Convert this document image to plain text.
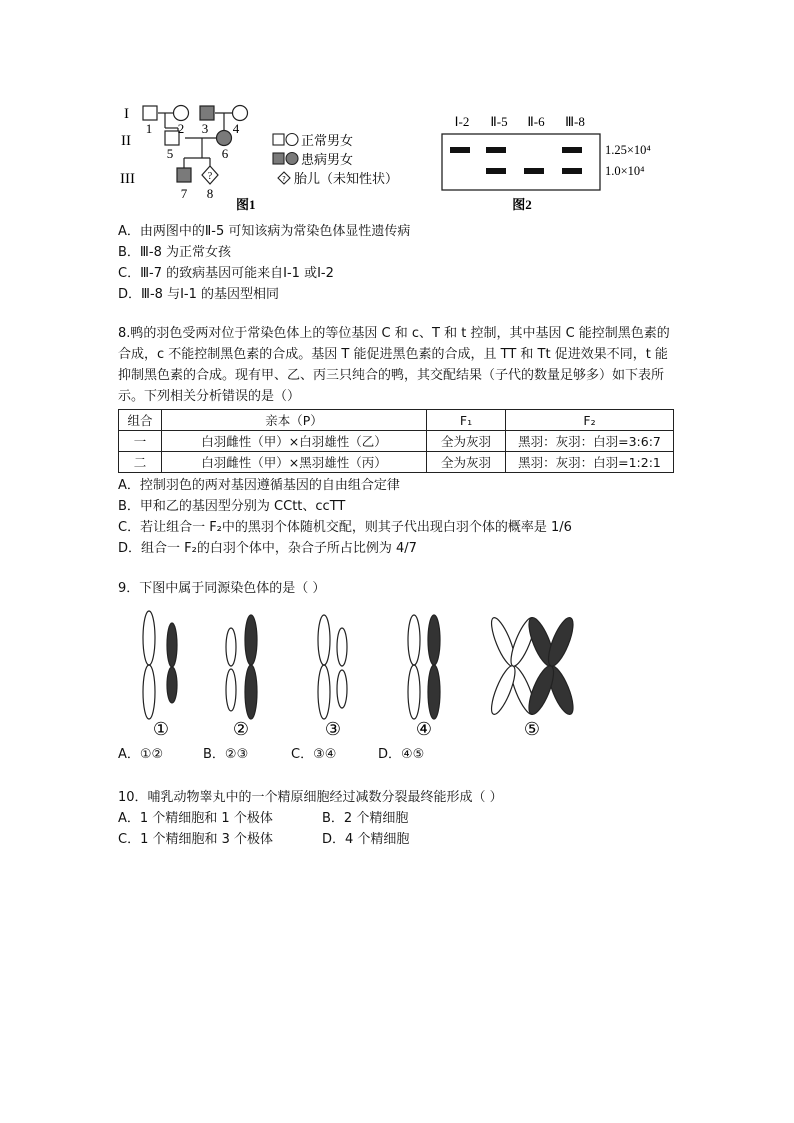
?
I
II
III
1 2 3 4
5	6
7 8
正常男女
患病男女
? 胎儿（未知性状）
图1
Ⅰ-2 Ⅱ-5 Ⅱ-6 Ⅲ-8
1.25×10⁴
1.0×10⁴
图2
A．由两图中的Ⅱ-5 可知该病为常染色体显性遗传病
B．Ⅲ-8 为正常女孩
C．Ⅲ-7 的致病基因可能来自Ⅰ-1 或Ⅰ-2
D．Ⅲ-8 与Ⅰ-1 的基因型相同
8.鸭的羽色受两对位于常染色体上的等位基因 C 和 c、T 和 t 控制，其中基因 C 能控制黑色素的合成，c 不能控制黑色素的合成。基因 T 能促进黑色素的合成，且 TT 和 Tt 促进效果不同，t 能抑制黑色素的合成。现有甲、乙、丙三只纯合的鸭，其交配结果（子代的数量足够多）如下表所示。下列相关分析错误的是（）
组合	亲本（P）	F₁	F₂
一	白羽雌性（甲）×白羽雄性（乙）	全为灰羽	黑羽：灰羽：白羽=3:6:7
二	白羽雌性（甲）×黑羽雄性（丙）	全为灰羽	黑羽：灰羽：白羽=1:2:1
A．控制羽色的两对基因遵循基因的自由组合定律
B．甲和乙的基因型分别为 CCtt、ccTT
C．若让组合一 F₂中的黑羽个体随机交配，则其子代出现白羽个体的概率是 1/6
D．组合一 F₂的白羽个体中，杂合子所占比例为 4/7
9．下图中属于同源染色体的是（ ）
①	②	③	④	⑤
A．①②	B．②③	C．③④	D．④⑤
10．哺乳动物睾丸中的一个精原细胞经过减数分裂最终能形成（ ）
A．1 个精细胞和 1 个极体	B．2 个精细胞
C．1 个精细胞和 3 个极体	D．4 个精细胞
